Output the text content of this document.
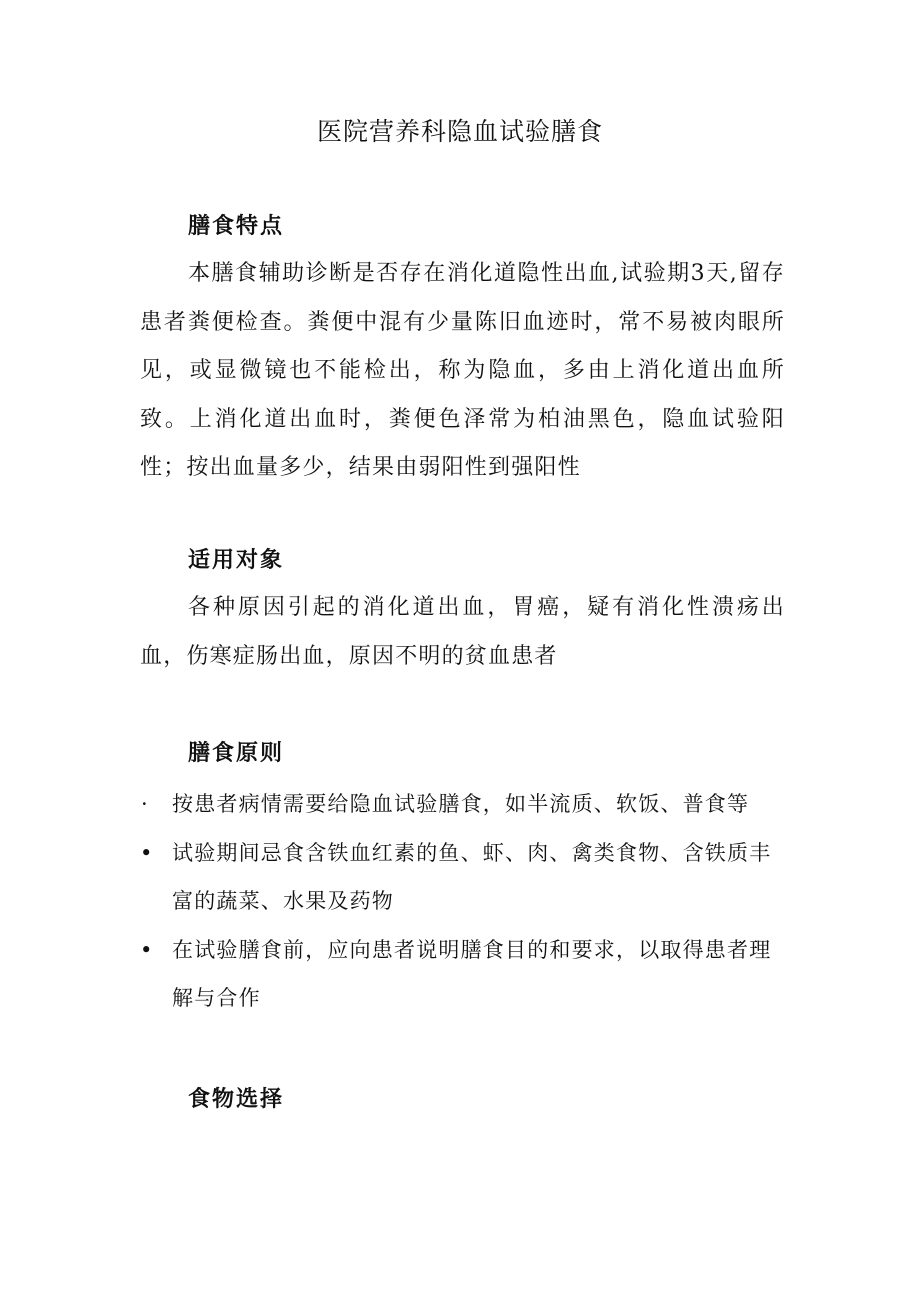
医院营养科隐血试验膳食
膳食特点
本膳食辅助诊断是否存在消化道隐性出血,试验期3天,留存患者粪便检查。粪便中混有少量陈旧血迹时，常不易被肉眼所见，或显微镜也不能检出，称为隐血，多由上消化道出血所致。上消化道出血时，粪便色泽常为柏油黑色，隐血试验阳性；按出血量多少，结果由弱阳性到强阳性
适用对象
各种原因引起的消化道出血，胃癌，疑有消化性溃疡出血，伤寒症肠出血，原因不明的贫血患者
膳食原则
·	按患者病情需要给隐血试验膳食，如半流质、软饭、普食等
• 试验期间忌食含铁血红素的鱼、虾、肉、禽类食物、含铁质丰富的蔬菜、水果及药物
• 在试验膳食前，应向患者说明膳食目的和要求，以取得患者理解与合作
食物选择
